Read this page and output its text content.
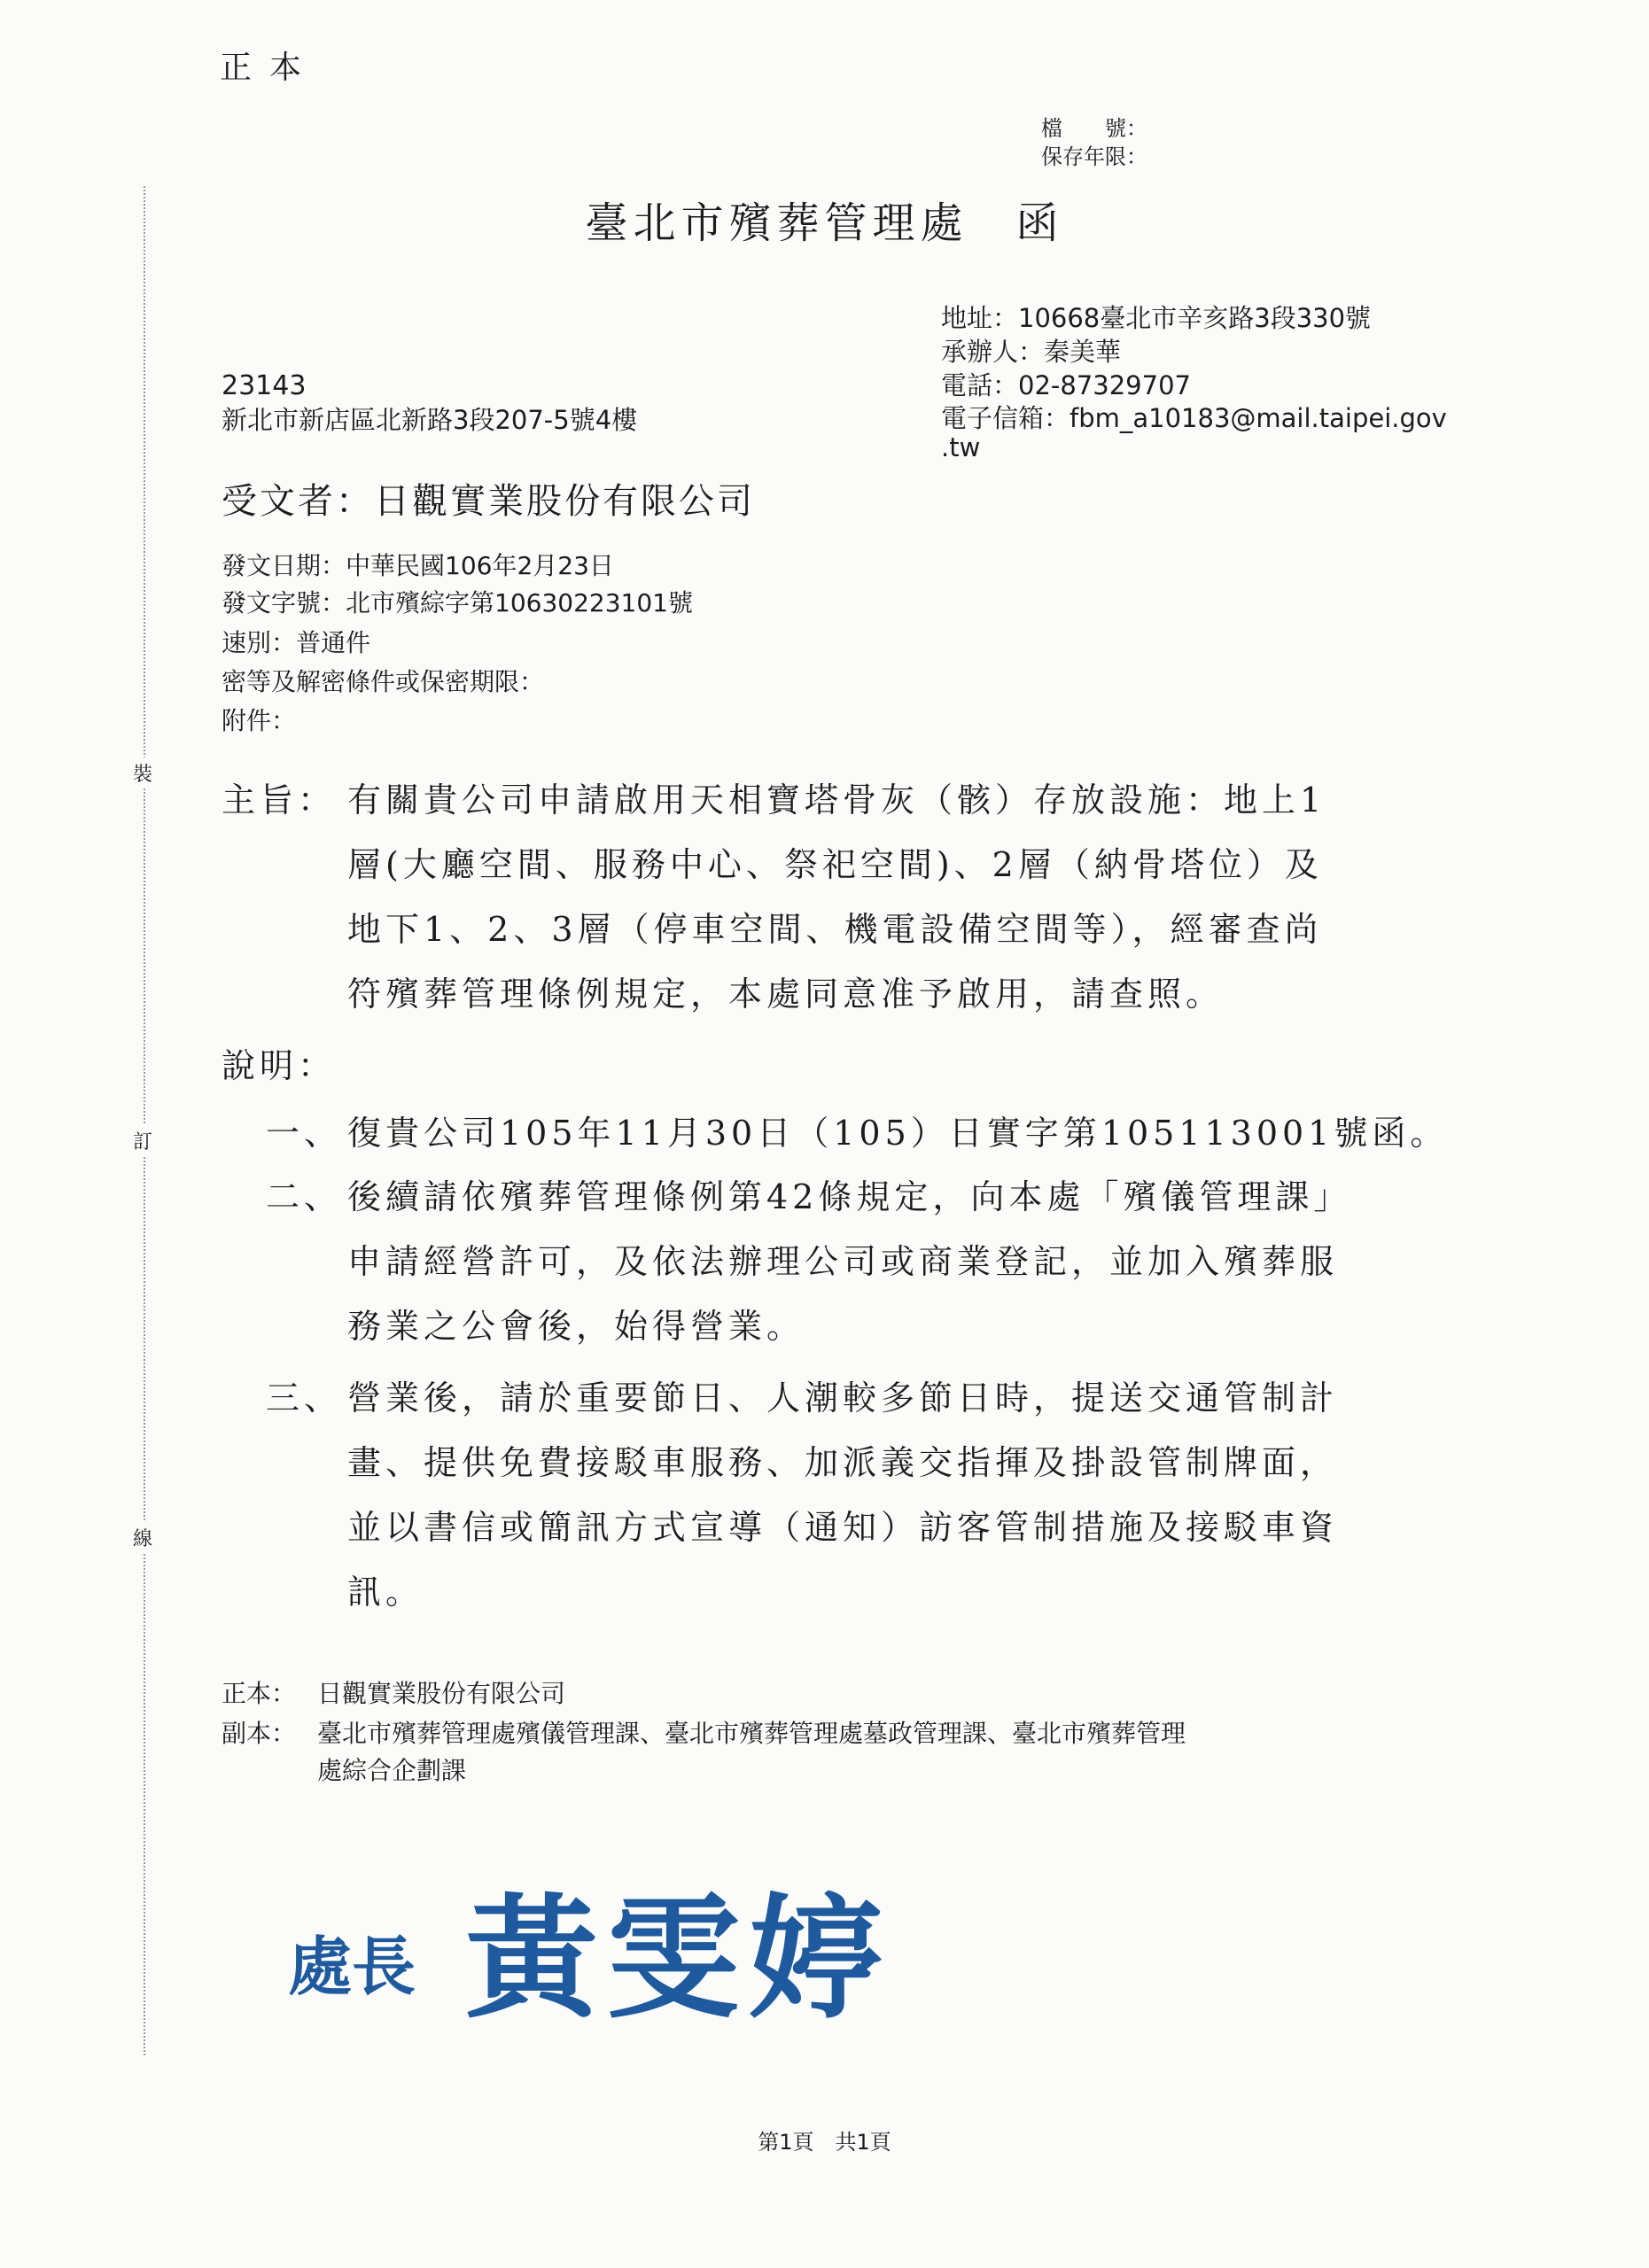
正本
檔　　號：
保存年限：
臺北市殯葬管理處　函
地址：10668臺北市辛亥路3段330號
承辦人：秦美華
電話：02-87329707
電子信箱：fbm_a10183@mail.taipei.gov
.tw
23143
新北市新店區北新路3段207-5號4樓
受文者：日觀實業股份有限公司
發文日期：中華民國106年2月23日
發文字號：北市殯綜字第10630223101號
速別：普通件
密等及解密條件或保密期限：
附件：
主旨： 有關貴公司申請啟用天相寶塔骨灰（骸）存放設施：地上1
層(大廳空間、服務中心、祭祀空間)、2層（納骨塔位）及
地下1、2、3層（停車空間、機電設備空間等），經審查尚
符殯葬管理條例規定，本處同意准予啟用，請查照。
說明：
一、 復貴公司105年11月30日（105）日實字第105113001號函。
二、 後續請依殯葬管理條例第42條規定，向本處「殯儀管理課」
申請經營許可，及依法辦理公司或商業登記，並加入殯葬服
務業之公會後，始得營業。
三、 營業後，請於重要節日、人潮較多節日時，提送交通管制計
畫、提供免費接駁車服務、加派義交指揮及掛設管制牌面，
並以書信或簡訊方式宣導（通知）訪客管制措施及接駁車資
訊。
正本： 日觀實業股份有限公司
副本： 臺北市殯葬管理處殯儀管理課、臺北市殯葬管理處墓政管理課、臺北市殯葬管理
處綜合企劃課
裝
訂
線
處長 黃雯婷
第1頁　共1頁
